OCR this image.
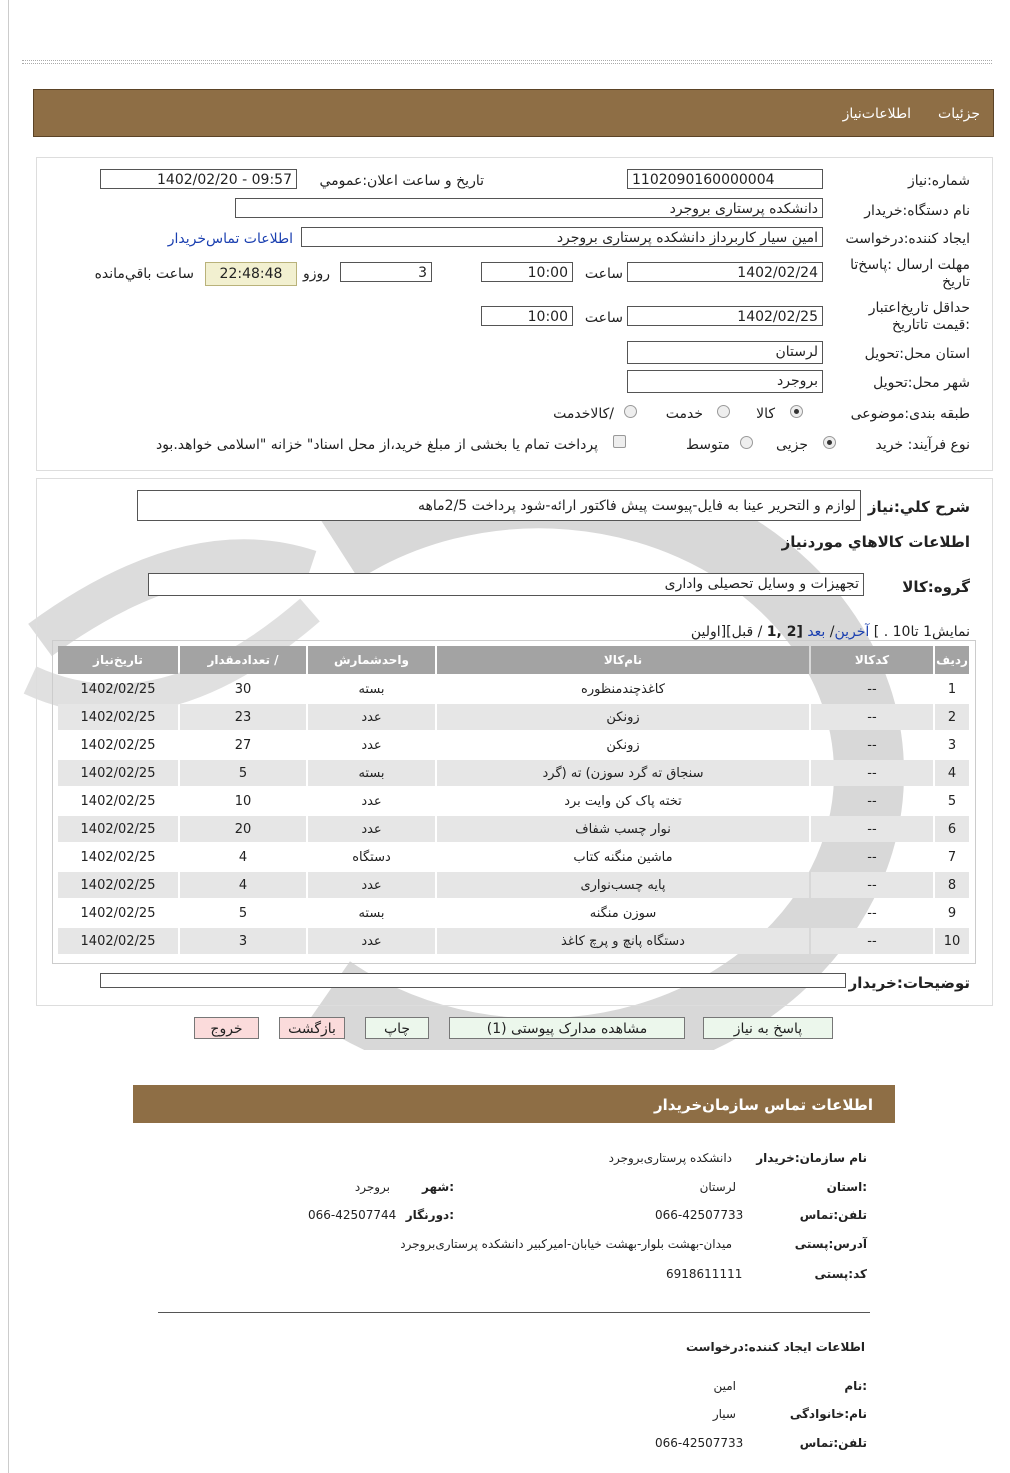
جزئيات
اطلاعات‌نياز
شماره:نیاز
1102090160000004
تاريخ و ساعت اعلان:عمومي
1402/02/20 - 09:57
نام دستگاه:خریدار
دانشکده پرستاری بروجرد
ایجاد کننده:درخواست
امین سیار کاربرداز دانشکده پرستاری بروجرد
اطلاعات تماس‌خریدار
مهلت ارسال :پاسخ‌تا تاریخ
1402/02/24
ساعت
10:00
3
روزو
22:48:48
ساعت باقي‌مانده
حداقل تاریخ‌اعتبار :قیمت تا‌تاریخ
1402/02/25
ساعت
10:00
استان محل:تحویل
لرستان
شهر محل:تحویل
بروجرد
طبقه بندی:موضوعی
کالا
خدمت
/کالاخدمت
نوع فرآیند: خرید
جزیی
متوسط
پرداخت تمام یا بخشی از مبلغ خرید،از محل اسناد" خزانه "اسلامی خواهد.بود
شرح کلي:نياز
لوازم و التحریر عینا به فایل-پیوست پیش فاکتور ارائه-شود پرداخت 2/5ماهه
اطلاعات کالاهاي موردنياز
گروه:کالا
تجهیزات و وسایل تحصیلی واداری
نمایش1 تا10 . ] آخرین/ بعد [2 ,1 / قبل][اولین
ردیف	کدکالا	نام‌کالا	واحدشمارش	/ تعدادمقدار	تاریخ‌نیاز
1	--	کاغذچندمنظوره	بسته	30	1402/02/25
2	--	زونکن	عدد	23	1402/02/25
3	--	زونکن	عدد	27	1402/02/25
4	--	سنجاق ته گرد سوزن) ته (گرد	بسته	5	1402/02/25
5	--	تخته پاک کن وایت برد	عدد	10	1402/02/25
6	--	نوار چسب شفاف	عدد	20	1402/02/25
7	--	ماشین منگنه کتاب	دستگاه	4	1402/02/25
8	--	پایه چسب‌نواری	عدد	4	1402/02/25
9	--	سوزن منگنه	بسته	5	1402/02/25
10	--	دستگاه پانچ و پرچ کاغذ	عدد	3	1402/02/25
توضیحات:خریدار
پاسخ به نیاز
مشاهده مدارک پیوستی (1)
چاپ
بازگشت
خروج
اطلاعات تماس سازمان‌خریدار
نام سازمان:خریدار
دانشکده پرستاری‌بروجرد
:استان
لرستان
:شهر
بروجرد
تلفن:تماس
066-42507733
:دورنگار
066-42507744
آدرس:پستی
میدان-بهشت بلوار-بهشت خیابان-امیرکبیر دانشکده پرستاری‌بروجرد
کد:پستی
6918611111
اطلاعات ایجاد کننده:درخواست
:نام
امین
نام:خانوادگی
سیار
تلفن:تماس
066-42507733
